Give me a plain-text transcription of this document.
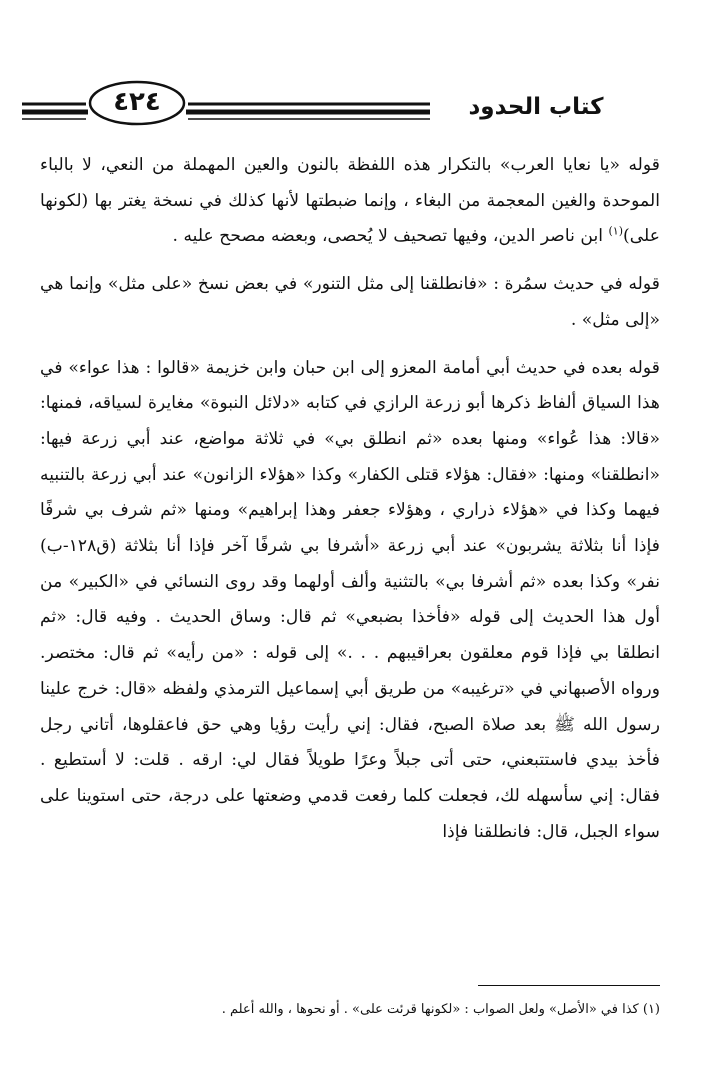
٤٢٤	كتاب الحدود

قوله «يا نعايا العرب» بالتكرار هذه اللفظة بالنون والعين المهملة من النعي، لا بالباء الموحدة والغين المعجمة من البغاء ، وإنما ضبطتها لأنها كذلك في نسخة يغتر بها (لكونها على)$^{(١)}$ ابن ناصر الدين، وفيها تصحيف لا يُحصى، وبعضه مصحح عليه .

قوله في حديث سمُرة : «فانطلقنا إلى مثل التنور» في بعض نسخ «على مثل» وإنما هي «إلى مثل» .

قوله بعده في حديث أبي أمامة المعزو إلى ابن حبان وابن خزيمة «قالوا : هذا عواء» في هذا السياق ألفاظ ذكرها أبو زرعة الرازي في كتابه «دلائل النبوة» مغايرة لسياقه، فمنها: «قالا: هذا عُواء» ومنها بعده «ثم انطلق بي» في ثلاثة مواضع، عند أبي زرعة فيها: «انطلقنا» ومنها: «فقال: هؤلاء قتلى الكفار» وكذا «هؤلاء الزانون» عند أبي زرعة بالتنبيه فيهما وكذا في «هؤلاء ذراري ، وهؤلاء جعفر وهذا إبراهيم» ومنها «ثم شرف بي شرفًا فإذا أنا بثلاثة يشربون» عند أبي زرعة «أشرفا بي شرفًا آخر فإذا أنا بثلاثة (ق١٢٨-ب) نفر» وكذا بعده «ثم أشرفا بي» بالتثنية وألف أولهما وقد روى النسائي في «الكبير» من أول هذا الحديث إلى قوله «فأخذا بضبعي» ثم قال: وساق الحديث . وفيه قال: «ثم انطلقا بي فإذا قوم معلقون بعراقيبهم . . .» إلى قوله : «من رأيه» ثم قال: مختصر. ورواه الأصبهاني في «ترغيبه» من طريق أبي إسماعيل الترمذي ولفظه «قال: خرج علينا رسول الله ﷺ بعد صلاة الصبح، فقال: إني رأيت رؤيا وهي حق فاعقلوها، أتاني رجل فأخذ بيدي فاستتبعني، حتى أتى جبلاً وعرًا طويلاً فقال لي: ارقه . قلت: لا أستطيع . فقال: إني سأسهله لك، فجعلت كلما رفعت قدمي وضعتها على درجة، حتى استوينا على سواء الجبل، قال: فانطلقنا فإذا

(١) كذا في «الأصل» ولعل الصواب : «لكونها قرئت على» . أو نحوها ، والله أعلم .
